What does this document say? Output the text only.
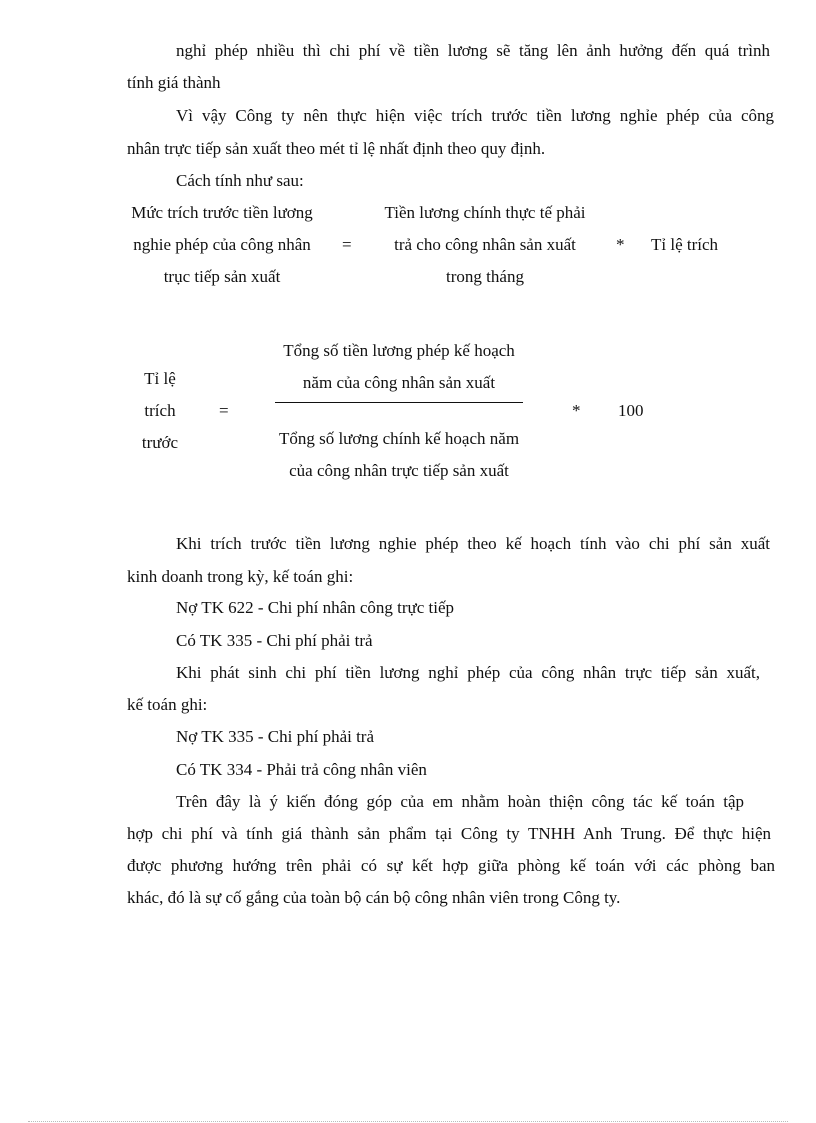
nghỉ phép nhiều thì chi phí về tiền lương sẽ tăng lên ảnh hưởng đến quá trình
tính giá thành
Vì vậy Công ty nên thực hiện việc trích trước tiền lương nghỉe phép của công
nhân trực tiếp sản xuất theo mét tỉ lệ nhất định theo quy định.
Cách tính như sau:
Mức trích trước tiền lương
nghie phép của công nhân
trục tiếp sản xuất
=
Tiền lương chính thực tế phải
trả cho công nhân sản xuất
trong tháng
* Tỉ lệ trích
Tỉ lệ
trích
trước
=
Tổng số tiền lương phép kế hoạch
năm của công nhân sản xuất
Tổng số lương chính kế hoạch năm
của công nhân trực tiếp sản xuất
* 100
Khi trích trước tiền lương nghie phép theo kế hoạch tính vào chi phí sản xuất
kinh doanh trong kỳ, kế toán ghi:
Nợ TK 622 - Chi phí nhân công trực tiếp
Có TK 335 - Chi phí phải trả
Khi phát sinh chi phí tiền lương nghỉ phép của công nhân trực tiếp sản xuất,
kế toán ghi:
Nợ TK 335 - Chi phí phải trả
Có TK 334 - Phải trả công nhân viên
Trên đây là ý kiến đóng góp của em nhằm hoàn thiện công tác kế toán tập
hợp chi phí và tính giá thành sản phẩm tại Công ty TNHH Anh Trung. Để thực hiện
được phương hướng trên phải có sự kết hợp giữa phòng kế toán với các phòng ban
khác, đó là sự cố gắng của toàn bộ cán bộ công nhân viên trong Công ty.
